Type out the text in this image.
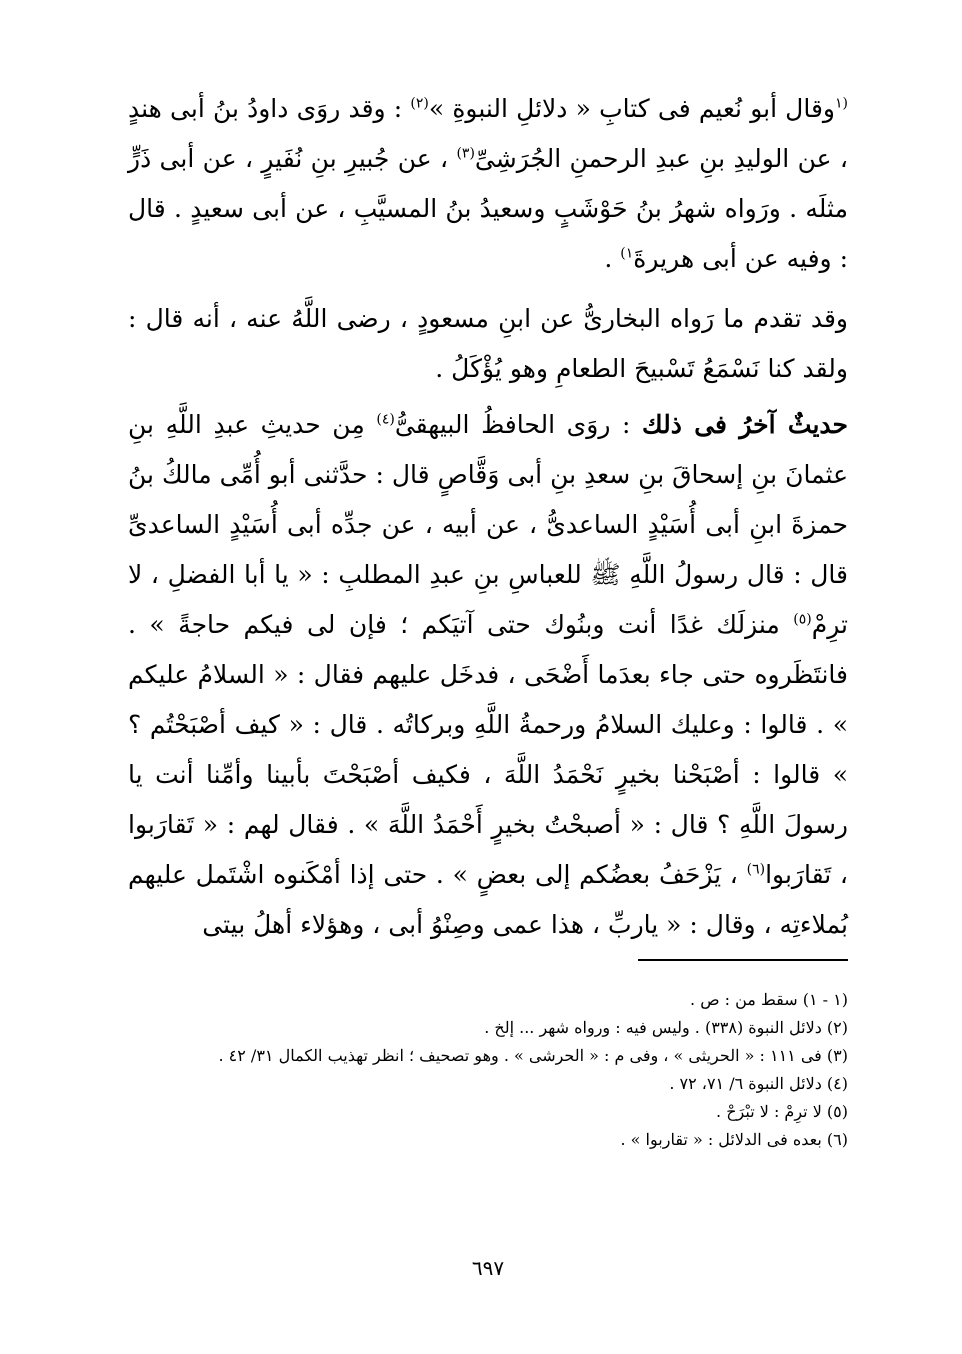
$^{(١}$وقال أبو نُعيم فى كتابِ « دلائلِ النبوةِ »$^{(٢)}$ : وقد روَى داودُ بنُ أبى هندٍ ، عن الوليدِ بنِ عبدِ الرحمنِ الجُرَشِىِّ$^{(٣)}$ ، عن جُبيرِ بنِ نُفَيرٍ ، عن أبى ذَرٍّ مثلَه . ورَواه شهرُ بنُ حَوْشَبٍ وسعيدُ بنُ المسيَّبِ ، عن أبى سعيدٍ . قال : وفيه عن أبى هريرةَ$^{١)}$ .

وقد تقدم ما رَواه البخارىُّ عن ابنِ مسعودٍ ، رضى اللَّهُ عنه ، أنه قال : ولقد كنا نَسْمَعُ تَسْبيحَ الطعامِ وهو يُؤْكَلُ .

حديثٌ آخرُ فى ذلك : روَى الحافظُ البيهقىُّ$^{(٤)}$ مِن حديثِ عبدِ اللَّهِ بنِ عثمانَ بنِ إسحاقَ بنِ سعدِ بنِ أبى وَقَّاصٍ قال : حدَّثنى أبو أُمِّى مالكُ بنُ حمزةَ ابنِ أبى أُسَيْدٍ الساعدىُّ ، عن أبيه ، عن جدِّه أبى أُسَيْدٍ الساعدىِّ قال : قال رسولُ اللَّهِ ﷺ للعباسِ بنِ عبدِ المطلبِ : « يا أبا الفضلِ ، لا ترِمْ$^{(٥)}$ منزلَك غدًا أنت وبنُوك حتى آتيَكم ؛ فإن لى فيكم حاجةً » . فانتَظَروه حتى جاء بعدَما أَضْحَى ، فدخَل عليهم فقال : « السلامُ عليكم » . قالوا : وعليك السلامُ ورحمةُ اللَّهِ وبركاتُه . قال : « كيف أصْبَحْتُم ؟ » قالوا : أصْبَحْنا بخيرٍ نَحْمَدُ اللَّهَ ، فكيف أصْبَحْتَ بأبينا وأمِّنا أنت يا رسولَ اللَّهِ ؟ قال : « أصبحْتُ بخيرٍ أَحْمَدُ اللَّهَ » . فقال لهم : « تَقارَبوا ، تَقارَبوا$^{(٦)}$ ، يَزْحَفُ بعضُكم إلى بعضٍ » . حتى إذا أمْكَنوه اشْتَمل عليهم بُملاءتِه ، وقال : « ياربِّ ، هذا عمى وصِنْوُ أبى ، وهؤلاء أهلُ بيتى

(١ - ١) سقط من : ص .
(٢) دلائل النبوة (٣٣٨) . وليس فيه : ورواه شهر ... إلخ .
(٣) فى ١١١ : « الحريثى » ، وفى م : « الحرشى » . وهو تصحيف ؛ انظر تهذيب الكمال ٣١/ ٤٢ .
(٤) دلائل النبوة ٦/ ٧١، ٧٢ .
(٥) لا ترِمْ : لا تبْرَحْ .
(٦) بعده فى الدلائل : « تقاربوا » .
٦٩٧
